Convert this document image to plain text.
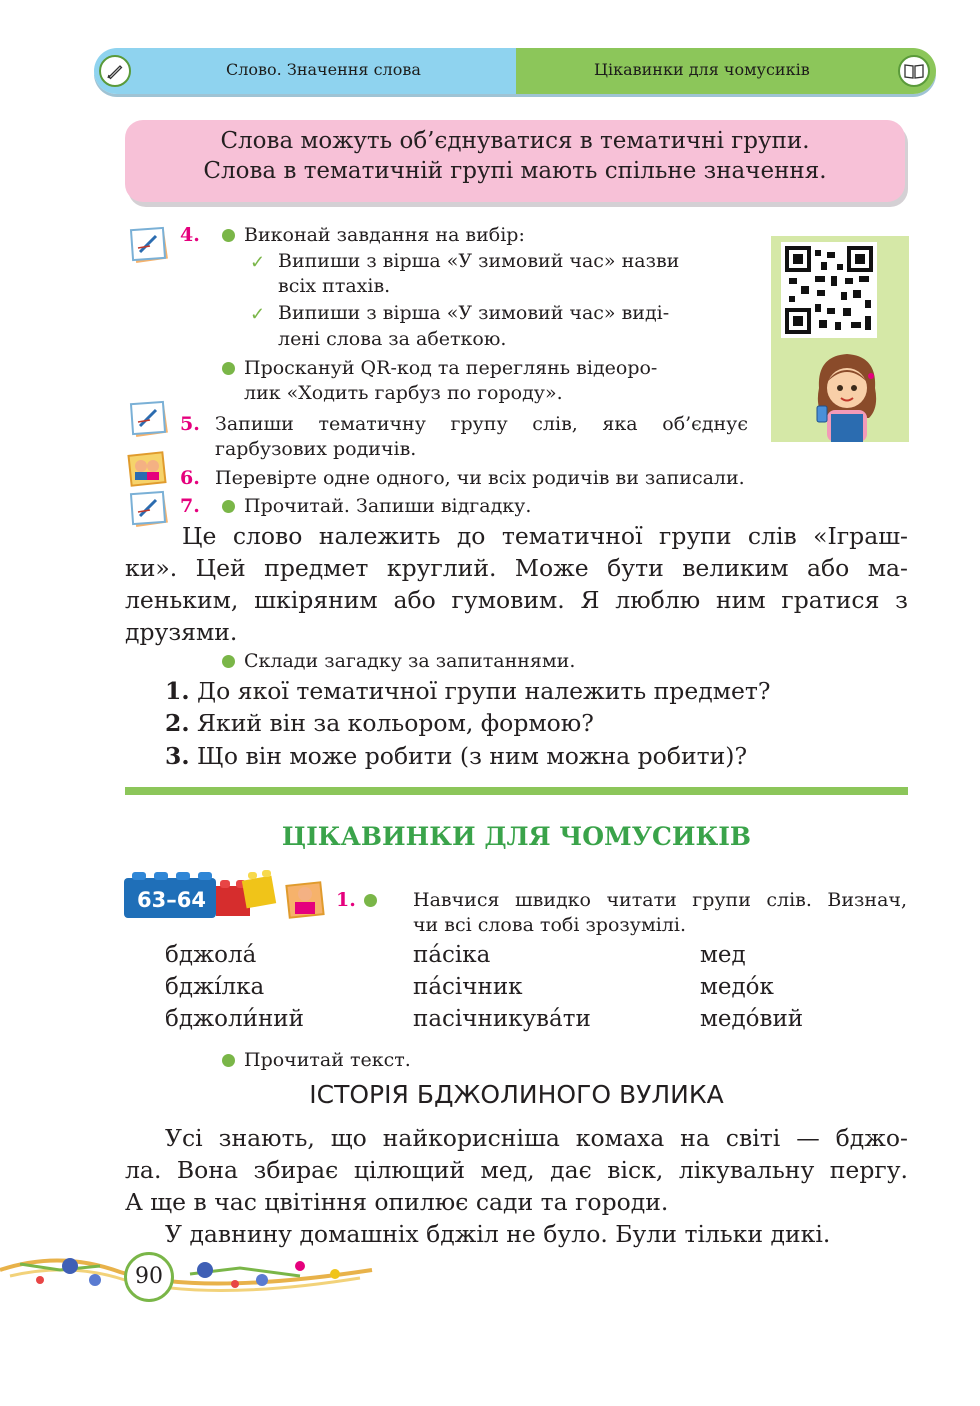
Слово. Значення слова	Цікавинки для чомусиків
Слова можуть об’єднуватися в тематичні групи.
Слова в тематичній групі мають спільне значення.
4. Виконай завдання на вибір:
✓ Випиши з вірша «У зимовий час» назви
всіх птахів.
✓ Випиши з вірша «У зимовий час» виді-
лені слова за абеткою.
Проскануй QR-код та переглянь відеоро-
лик «Ходить гарбуз по городу».
5. Запиши тематичну групу слів, яка об’єднує
гарбузових родичів.
6. Перевірте одне одного, чи всіх родичів ви записали.
7. Прочитай. Запиши відгадку.
Це слово належить до тематичної групи слів «Іграш-
ки». Цей предмет круглий. Може бути великим або ма-
леньким, шкіряним або гумовим. Я люблю ним гратися з
друзями.
Склади загадку за запитаннями.
1. До якої тематичної групи належить предмет?
2. Який він за кольором, формою?
3. Що він може робити (з ним можна робити)?
ЦІКАВИНКИ ДЛЯ ЧОМУСИКІВ
63–64	1.	Навчися швидко читати групи слів. Визнач,
чи всі слова тобі зрозумілі.
бджола́	па́сіка	мед
бджі́лка	па́січник	медо́к
бджоли́ний	пасічникува́ти	медо́вий
Прочитай текст.
ІСТОРІЯ БДЖОЛИНОГО ВУЛИКА
Усі знають, що найкорисніша комаха на світі — бджо-
ла. Вона збирає цілющий мед, дає віск, лікувальну пергу.
А ще в час цвітіння опилює сади та городи.
У давнину домашніх бджіл не було. Були тільки дикі.
90
